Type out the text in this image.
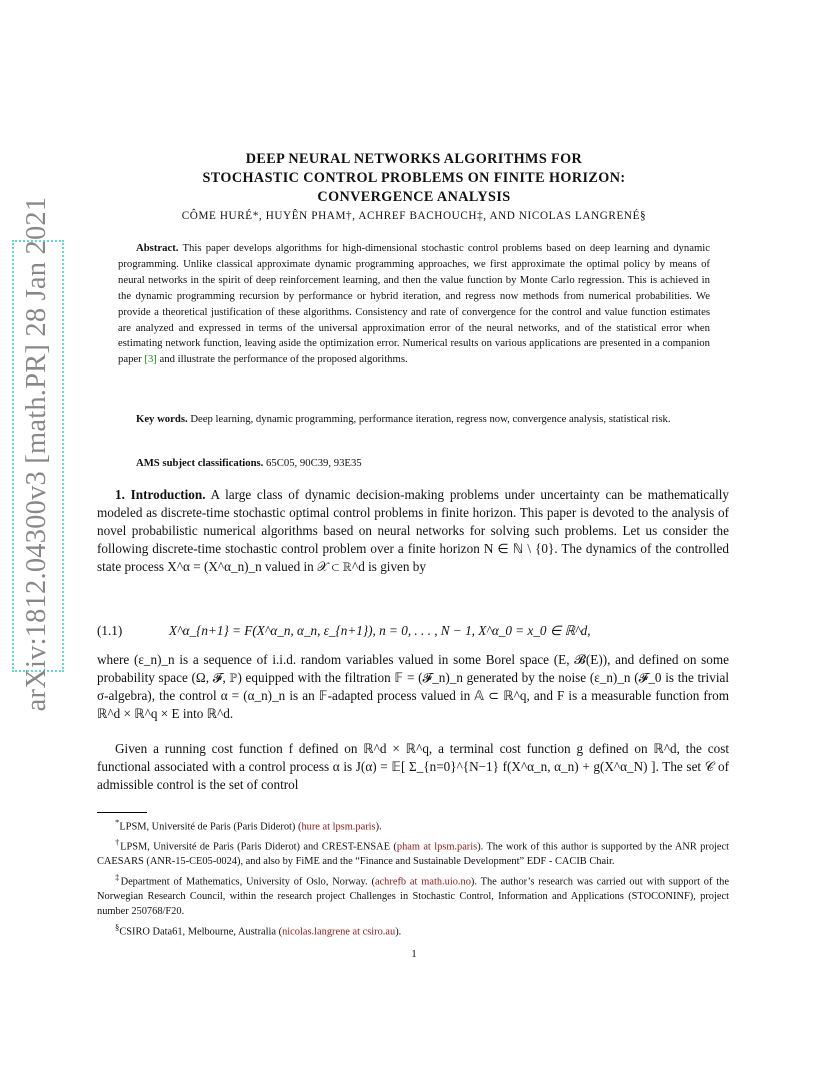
arXiv:1812.04300v3 [math.PR] 28 Jan 2021
DEEP NEURAL NETWORKS ALGORITHMS FOR
STOCHASTIC CONTROL PROBLEMS ON FINITE HORIZON:
CONVERGENCE ANALYSIS
CÔME HURÉ*, HUYÊN PHAM†, ACHREF BACHOUCH‡, AND NICOLAS LANGRENÉ§
Abstract. This paper develops algorithms for high-dimensional stochastic control problems based on deep learning and dynamic programming. Unlike classical approximate dynamic programming approaches, we first approximate the optimal policy by means of neural networks in the spirit of deep reinforcement learning, and then the value function by Monte Carlo regression. This is achieved in the dynamic programming recursion by performance or hybrid iteration, and regress now methods from numerical probabilities. We provide a theoretical justification of these algorithms. Consistency and rate of convergence for the control and value function estimates are analyzed and expressed in terms of the universal approximation error of the neural networks, and of the statistical error when estimating network function, leaving aside the optimization error. Numerical results on various applications are presented in a companion paper [3] and illustrate the performance of the proposed algorithms.
Key words. Deep learning, dynamic programming, performance iteration, regress now, convergence analysis, statistical risk.
AMS subject classifications. 65C05, 90C39, 93E35
1. Introduction. A large class of dynamic decision-making problems under uncertainty can be mathematically modeled as discrete-time stochastic optimal control problems in finite horizon. This paper is devoted to the analysis of novel probabilistic numerical algorithms based on neural networks for solving such problems. Let us consider the following discrete-time stochastic control problem over a finite horizon N ∈ ℕ \ {0}. The dynamics of the controlled state process X^α = (X^α_n)_n valued in 𝒳 ⊂ ℝ^d is given by
(1.1)	X^α_{n+1} = F(X^α_n, α_n, ε_{n+1}), n = 0, . . . , N − 1, X^α_0 = x_0 ∈ ℝ^d,
where (ε_n)_n is a sequence of i.i.d. random variables valued in some Borel space (E, 𝓑(E)), and defined on some probability space (Ω, 𝓕, ℙ) equipped with the filtration 𝔽 = (𝓕_n)_n generated by the noise (ε_n)_n (𝓕_0 is the trivial σ-algebra), the control α = (α_n)_n is an 𝔽-adapted process valued in 𝔸 ⊂ ℝ^q, and F is a measurable function from ℝ^d × ℝ^q × E into ℝ^d.
Given a running cost function f defined on ℝ^d × ℝ^q, a terminal cost function g defined on ℝ^d, the cost functional associated with a control process α is J(α) = 𝔼[ Σ_{n=0}^{N−1} f(X^α_n, α_n) + g(X^α_N) ]. The set 𝒞 of admissible control is the set of control

*LPSM, Université de Paris (Paris Diderot) (hure at lpsm.paris).

†LPSM, Université de Paris (Paris Diderot) and CREST-ENSAE (pham at lpsm.paris). The work of this author is supported by the ANR project CAESARS (ANR-15-CE05-0024), and also by FiME and the “Finance and Sustainable Development” EDF - CACIB Chair.

‡Department of Mathematics, University of Oslo, Norway. (achrefb at math.uio.no). The author’s research was carried out with support of the Norwegian Research Council, within the research project Challenges in Stochastic Control, Information and Applications (STOCONINF), project number 250768/F20.

§CSIRO Data61, Melbourne, Australia (nicolas.langrene at csiro.au).

1
